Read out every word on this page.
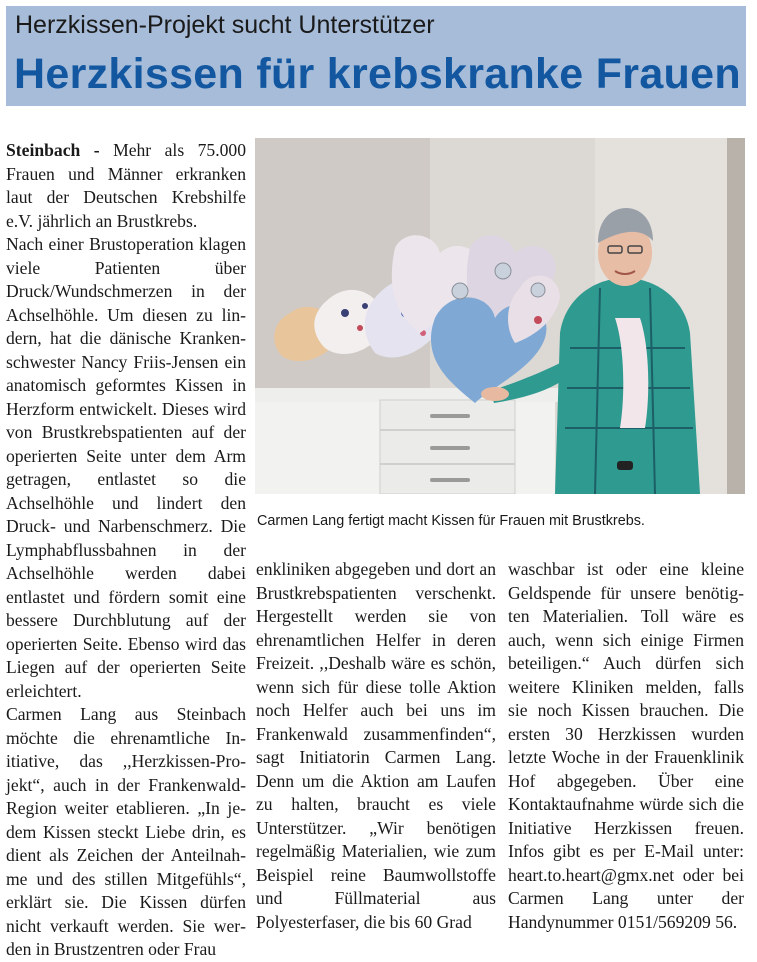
Herzkissen-Projekt sucht Unterstützer
Herzkissen für krebskranke Frauen

Steinbach - Mehr als 75.000 Frauen und Männer erkranken laut der Deutschen Krebshilfe e.V. jährlich an Brustkrebs.

Nach einer Brustoperation klagen viele Patienten über Druck/Wundschmerzen in der Achselhöhle. Um diesen zu lindern, hat die dänische Krankenschwester Nancy Friis-Jensen ein anatomisch geformtes Kissen in Herzform entwickelt. Dieses wird von Brustkrebspatienten auf der operierten Seite unter dem Arm getragen, entlastet so die Achselhöhle und lindert den Druck- und Narbenschmerz. Die Lymphabflussbahnen in der Achselhöhle werden dabei entlastet und fördern somit eine bessere Durchblutung auf der operierten Seite. Ebenso wird das Liegen auf der operierten Seite erleichtert.

Carmen Lang aus Steinbach möchte die ehrenamtliche Initiative, das ,,Herzkissen-Projekt“, auch in der Frankenwald-Region weiter etablieren. „In jedem Kissen steckt Liebe drin, es dient als Zeichen der Anteilnahme und des stillen Mitgefühls“, erklärt sie. Die Kissen dürfen nicht verkauft werden. Sie werden in Brustzentren oder Frau

Carmen Lang fertigt macht Kissen für Frauen mit Brustkrebs.

enkliniken abgegeben und dort an Brustkrebspatienten verschenkt. Hergestellt werden sie von ehrenamtlichen Helfer in deren Freizeit. ,,Deshalb wäre es schön, wenn sich für diese tolle Aktion noch Helfer auch bei uns im Frankenwald zusammenfinden“, sagt Initiatorin Carmen Lang. Denn um die Aktion am Laufen zu halten, braucht es viele Unterstützer. „Wir benötigen regelmäßig Materialien, wie zum Beispiel reine Baumwollstoffe und Füllmaterial aus Polyesterfaser, die bis 60 Grad

waschbar ist oder eine kleine Geldspende für unsere benötigten Materialien. Toll wäre es auch, wenn sich einige Firmen beteiligen.“ Auch dürfen sich weitere Kliniken melden, falls sie noch Kissen brauchen. Die ersten 30 Herzkissen wurden letzte Woche in der Frauenklinik Hof abgegeben. Über eine Kontaktaufnahme würde sich die Initiative Herzkissen freuen. Infos gibt es per E-Mail unter: heart.to.heart@gmx.net oder bei Carmen Lang unter der Handynummer 0151/569209 56.
